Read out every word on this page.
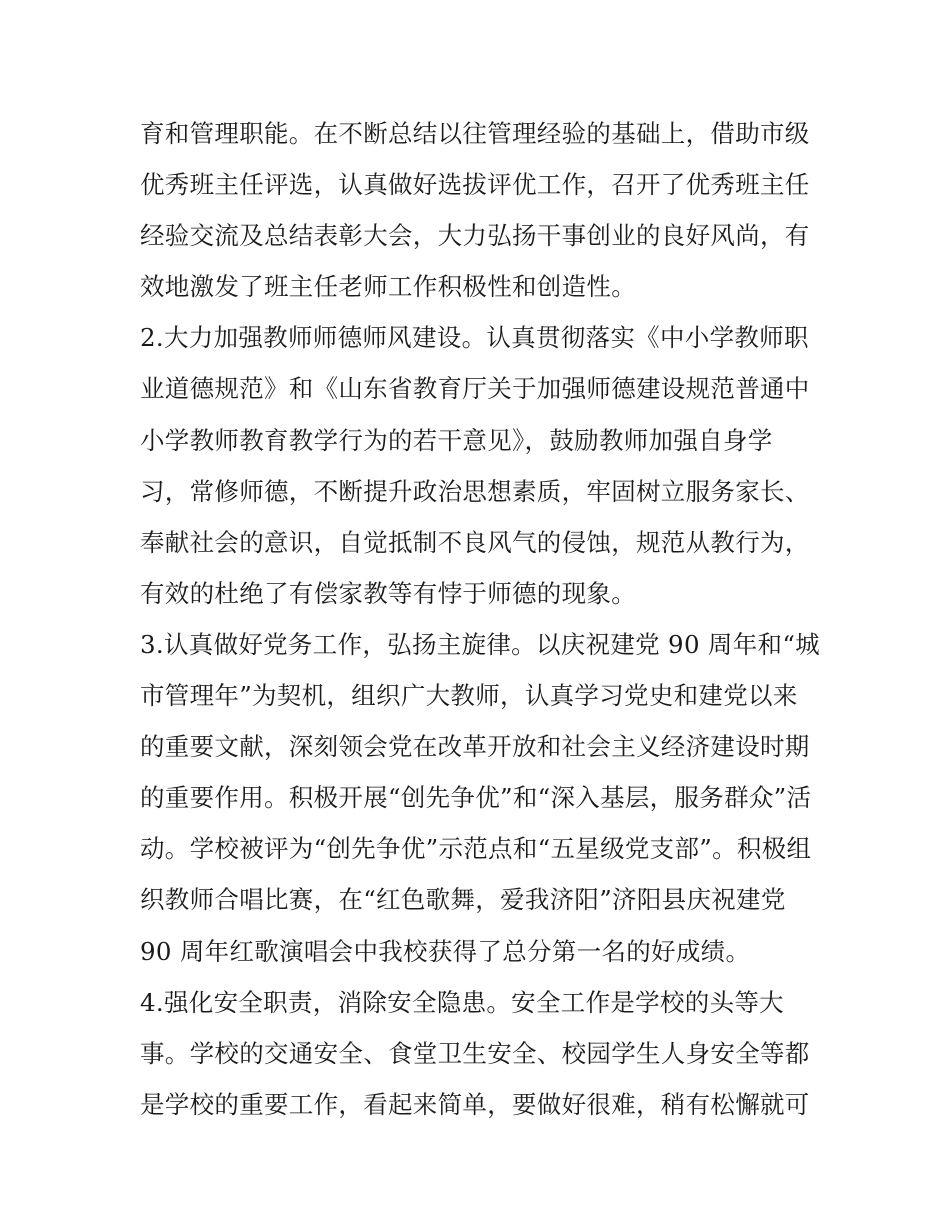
育和管理职能。在不断总结以往管理经验的基础上，借助市级
优秀班主任评选，认真做好选拔评优工作，召开了优秀班主任
经验交流及总结表彰大会，大力弘扬干事创业的良好风尚，有
效地激发了班主任老师工作积极性和创造性。
2.大力加强教师师德师风建设。认真贯彻落实《中小学教师职
业道德规范》和《山东省教育厅关于加强师德建设规范普通中
小学教师教育教学行为的若干意见》，鼓励教师加强自身学
习，常修师德，不断提升政治思想素质，牢固树立服务家长、
奉献社会的意识，自觉抵制不良风气的侵蚀，规范从教行为，
有效的杜绝了有偿家教等有悖于师德的现象。
3.认真做好党务工作，弘扬主旋律。以庆祝建党 90 周年和“城
市管理年”为契机，组织广大教师，认真学习党史和建党以来
的重要文献，深刻领会党在改革开放和社会主义经济建设时期
的重要作用。积极开展“创先争优”和“深入基层，服务群众”活
动。学校被评为“创先争优”示范点和“五星级党支部”。积极组
织教师合唱比赛，在“红色歌舞，爱我济阳”济阳县庆祝建党
90 周年红歌演唱会中我校获得了总分第一名的好成绩。
4.强化安全职责，消除安全隐患。安全工作是学校的头等大
事。学校的交通安全、食堂卫生安全、校园学生人身安全等都
是学校的重要工作，看起来简单，要做好很难，稍有松懈就可
